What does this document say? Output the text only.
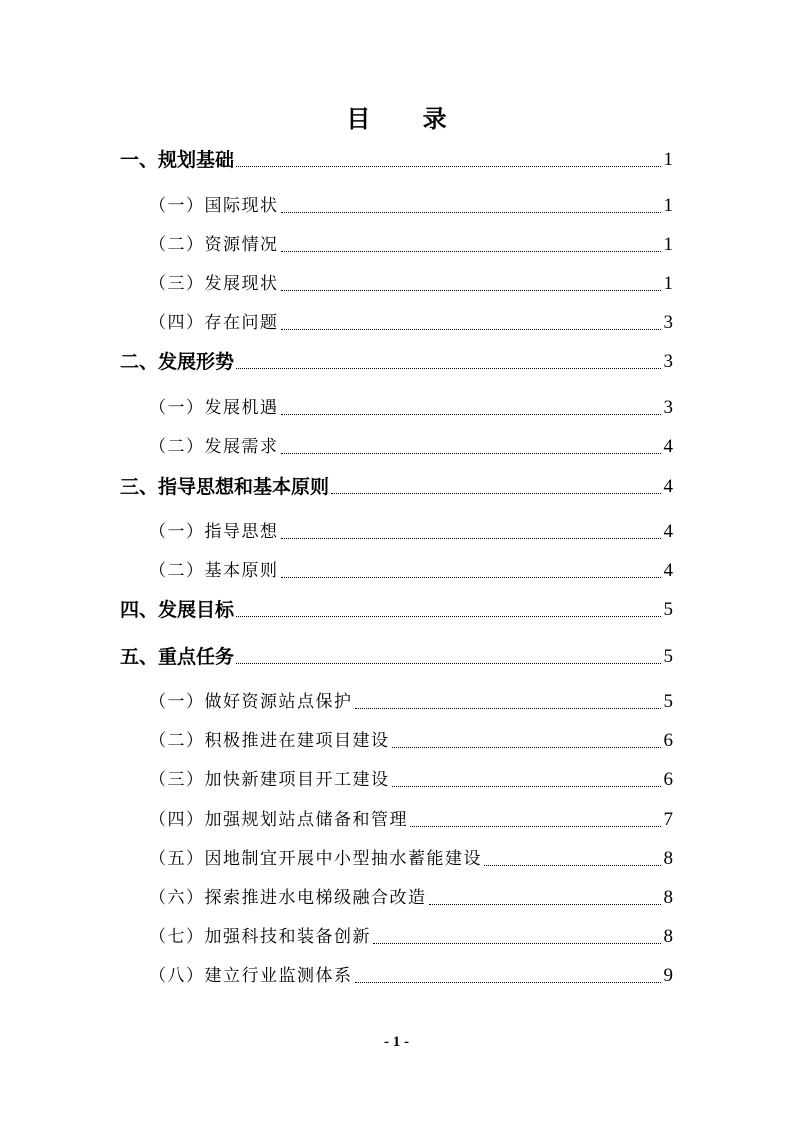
目 录
一、规划基础	1
（一）国际现状	1
（二）资源情况	1
（三）发展现状	1
（四）存在问题	3
二、发展形势	3
（一）发展机遇	3
（二）发展需求	4
三、指导思想和基本原则	4
（一）指导思想	4
（二）基本原则	4
四、发展目标	5
五、重点任务	5
（一）做好资源站点保护	5
（二）积极推进在建项目建设	6
（三）加快新建项目开工建设	6
（四）加强规划站点储备和管理	7
（五）因地制宜开展中小型抽水蓄能建设	8
（六）探索推进水电梯级融合改造	8
（七）加强科技和装备创新	8
（八）建立行业监测体系	9
- 1 -
